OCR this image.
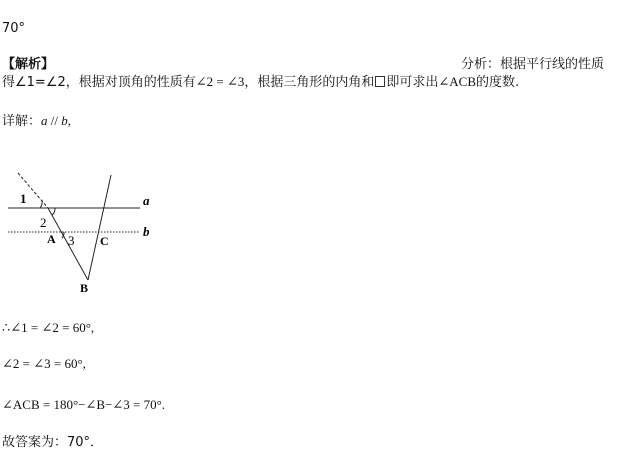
70°
【解析】	分析：根据平行线的性质
得∠1=∠2，根据对顶角的性质有∠2 = ∠3，根据三角形的内角和 即可求出∠ACB的度数.
详解：a // b,
1
2
3
A
B
C
a
b
∴∠1 = ∠2 = 60°,
∠2 = ∠3 = 60°,
∠ACB = 180°−∠B−∠3 = 70°.
故答案为：70°．
